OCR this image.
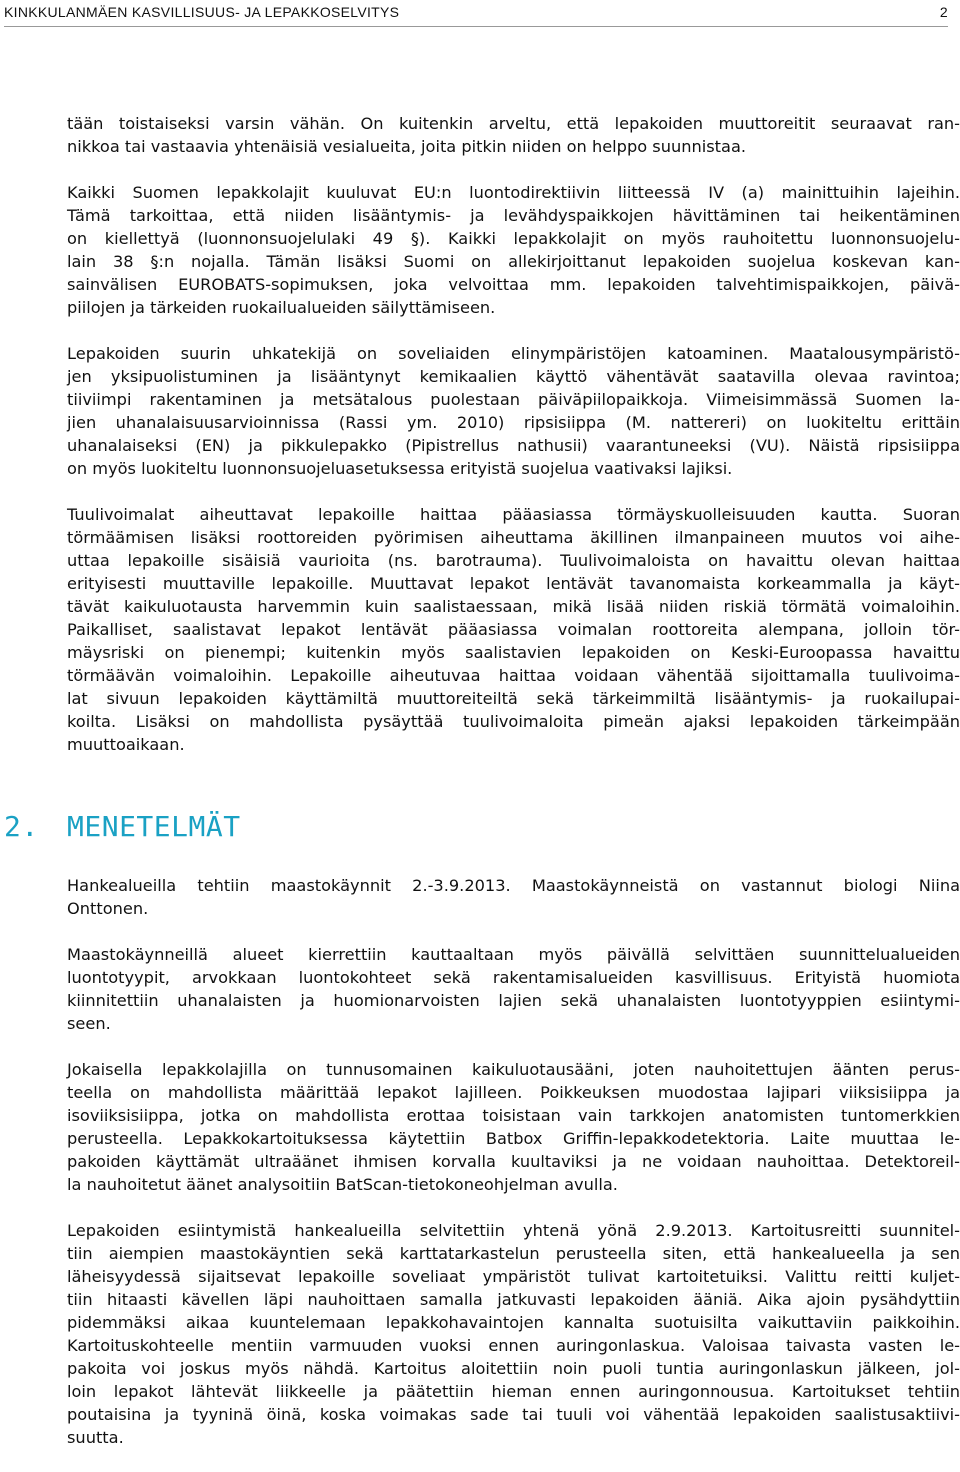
KINKKULANMÄEN KASVILLISUUS- JA LEPAKKOSELVITYS	2

tään toistaiseksi varsin vähän. On kuitenkin arveltu, että lepakoiden muuttoreitit seuraavat ran-
nikkoa tai vastaavia yhtenäisiä vesialueita, joita pitkin niiden on helppo suunnistaa.

Kaikki Suomen lepakkolajit kuuluvat EU:n luontodirektiivin liitteessä IV (a) mainittuihin lajeihin.
Tämä tarkoittaa, että niiden lisääntymis- ja levähdyspaikkojen hävittäminen tai heikentäminen
on kiellettyä (luonnonsuojelulaki 49 §). Kaikki lepakkolajit on myös rauhoitettu luonnonsuojelu-
lain 38 §:n nojalla. Tämän lisäksi Suomi on allekirjoittanut lepakoiden suojelua koskevan kan-
sainvälisen EUROBATS-sopimuksen, joka velvoittaa mm. lepakoiden talvehtimispaikkojen, päivä-
piilojen ja tärkeiden ruokailualueiden säilyttämiseen.

Lepakoiden suurin uhkatekijä on soveliaiden elinympäristöjen katoaminen. Maatalousympäristö-
jen yksipuolistuminen ja lisääntynyt kemikaalien käyttö vähentävät saatavilla olevaa ravintoa;
tiiviimpi rakentaminen ja metsätalous puolestaan päiväpiilopaikkoja. Viimeisimmässä Suomen la-
jien uhanalaisuusarvioinnissa (Rassi ym. 2010) ripsisiippa (M. nattereri) on luokiteltu erittäin
uhanalaiseksi (EN) ja pikkulepakko (Pipistrellus nathusii) vaarantuneeksi (VU). Näistä ripsisiippa
on myös luokiteltu luonnonsuojeluasetuksessa erityistä suojelua vaativaksi lajiksi.

Tuulivoimalat aiheuttavat lepakoille haittaa pääasiassa törmäyskuolleisuuden kautta. Suoran
törmäämisen lisäksi roottoreiden pyörimisen aiheuttama äkillinen ilmanpaineen muutos voi aihe-
uttaa lepakoille sisäisiä vaurioita (ns. barotrauma). Tuulivoimaloista on havaittu olevan haittaa
erityisesti muuttaville lepakoille. Muuttavat lepakot lentävät tavanomaista korkeammalla ja käyt-
tävät kaikuluotausta harvemmin kuin saalistaessaan, mikä lisää niiden riskiä törmätä voimaloihin.
Paikalliset, saalistavat lepakot lentävät pääasiassa voimalan roottoreita alempana, jolloin tör-
mäysriski on pienempi; kuitenkin myös saalistavien lepakoiden on Keski-Euroopassa havaittu
törmäävän voimaloihin. Lepakoille aiheutuvaa haittaa voidaan vähentää sijoittamalla tuulivoima-
lat sivuun lepakoiden käyttämiltä muuttoreiteiltä sekä tärkeimmiltä lisääntymis- ja ruokailupai-
koilta. Lisäksi on mahdollista pysäyttää tuulivoimaloita pimeän ajaksi lepakoiden tärkeimpään
muuttoaikaan.

2. MENETELMÄT

Hankealueilla tehtiin maastokäynnit 2.-3.9.2013. Maastokäynneistä on vastannut biologi Niina
Onttonen.

Maastokäynneillä alueet kierrettiin kauttaaltaan myös päivällä selvittäen suunnittelualueiden
luontotyypit, arvokkaan luontokohteet sekä rakentamisalueiden kasvillisuus. Erityistä huomiota
kiinnitettiin uhanalaisten ja huomionarvoisten lajien sekä uhanalaisten luontotyyppien esiintymi-
seen.

Jokaisella lepakkolajilla on tunnusomainen kaikuluotausääni, joten nauhoitettujen äänten perus-
teella on mahdollista määrittää lepakot lajilleen. Poikkeuksen muodostaa lajipari viiksisiippa ja
isoviiksisiippa, jotka on mahdollista erottaa toisistaan vain tarkkojen anatomisten tuntomerkkien
perusteella. Lepakkokartoituksessa käytettiin Batbox Griffin-lepakkodetektoria. Laite muuttaa le-
pakoiden käyttämät ultraäänet ihmisen korvalla kuultaviksi ja ne voidaan nauhoittaa. Detektoreil-
la nauhoitetut äänet analysoitiin BatScan-tietokoneohjelman avulla.

Lepakoiden esiintymistä hankealueilla selvitettiin yhtenä yönä 2.9.2013. Kartoitusreitti suunnitel-
tiin aiempien maastokäyntien sekä karttatarkastelun perusteella siten, että hankealueella ja sen
läheisyydessä sijaitsevat lepakoille soveliaat ympäristöt tulivat kartoitetuiksi. Valittu reitti kuljet-
tiin hitaasti kävellen läpi nauhoittaen samalla jatkuvasti lepakoiden ääniä. Aika ajoin pysähdyttiin
pidemmäksi aikaa kuuntelemaan lepakkohavaintojen kannalta suotuisilta vaikuttaviin paikkoihin.
Kartoituskohteelle mentiin varmuuden vuoksi ennen auringonlaskua. Valoisaa taivasta vasten le-
pakoita voi joskus myös nähdä. Kartoitus aloitettiin noin puoli tuntia auringonlaskun jälkeen, jol-
loin lepakot lähtevät liikkeelle ja päätettiin hieman ennen auringonnousua. Kartoitukset tehtiin
poutaisina ja tyyninä öinä, koska voimakas sade tai tuuli voi vähentää lepakoiden saalistusaktiivi-
suutta.
